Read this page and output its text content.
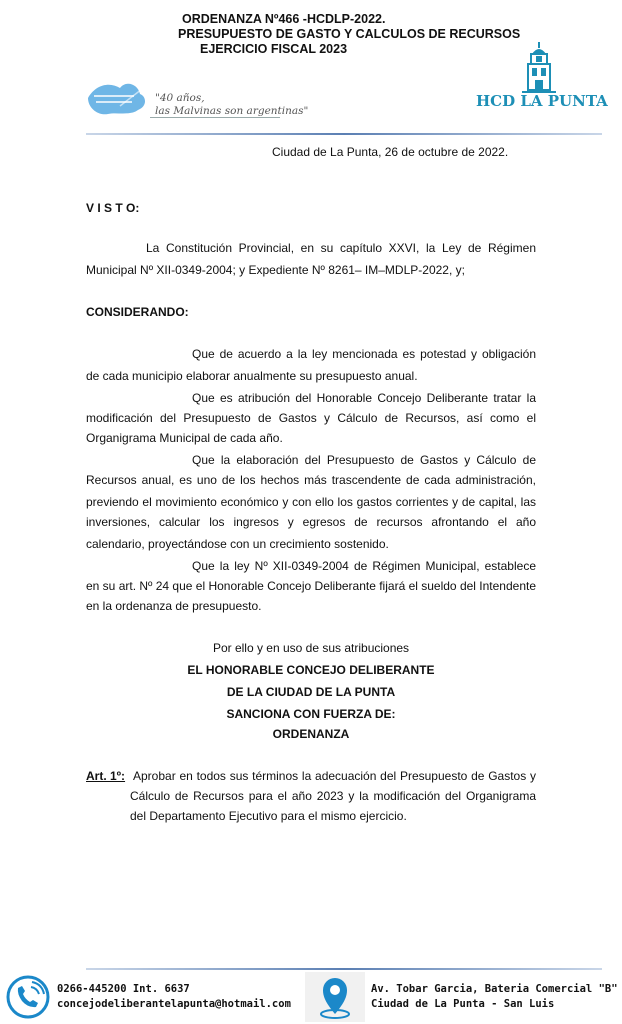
ORDENANZA Nº466 -HCDLP-2022.
PRESUPUESTO DE GASTO Y CALCULOS DE RECURSOS
EJERCICIO FISCAL 2023
"40 años,
las Malvinas son argentinas"
HCD LA PUNTA
Ciudad de La Punta, 26 de octubre de 2022.
V I S T O:
La Constitución Provincial, en su capítulo XXVI, la Ley de Régimen
Municipal Nº XII-0349-2004; y Expediente Nº 8261– IM–MDLP-2022, y;
CONSIDERANDO:
Que de acuerdo a la ley mencionada es potestad y obligación
de cada municipio elaborar anualmente su presupuesto anual.
Que es atribución del Honorable Concejo Deliberante tratar la
modificación del Presupuesto de Gastos y Cálculo de Recursos, así como el
Organigrama Municipal de cada año.
Que la elaboración del Presupuesto de Gastos y Cálculo de
Recursos anual, es uno de los hechos más trascendente de cada administración,
previendo el movimiento económico y con ello los gastos corrientes y de capital, las
inversiones, calcular los ingresos y egresos de recursos afrontando el año
calendario, proyectándose con un crecimiento sostenido.
Que la ley Nº XII-0349-2004 de Régimen Municipal, establece
en su art. Nº 24 que el Honorable Concejo Deliberante fijará el sueldo del Intendente
en la ordenanza de presupuesto.
Por ello y en uso de sus atribuciones
EL HONORABLE CONCEJO DELIBERANTE
DE LA CIUDAD DE LA PUNTA
SANCIONA CON FUERZA DE:
ORDENANZA
Art. 1º: Aprobar en todos sus términos la adecuación del Presupuesto de Gastos y
Cálculo de Recursos para el año 2023 y la modificación del Organigrama
del Departamento Ejecutivo para el mismo ejercicio.
0266-445200 Int. 6637
concejodeliberantelapunta@hotmail.com
Av. Tobar Garcia, Bateria Comercial "B"
Ciudad de La Punta - San Luis
